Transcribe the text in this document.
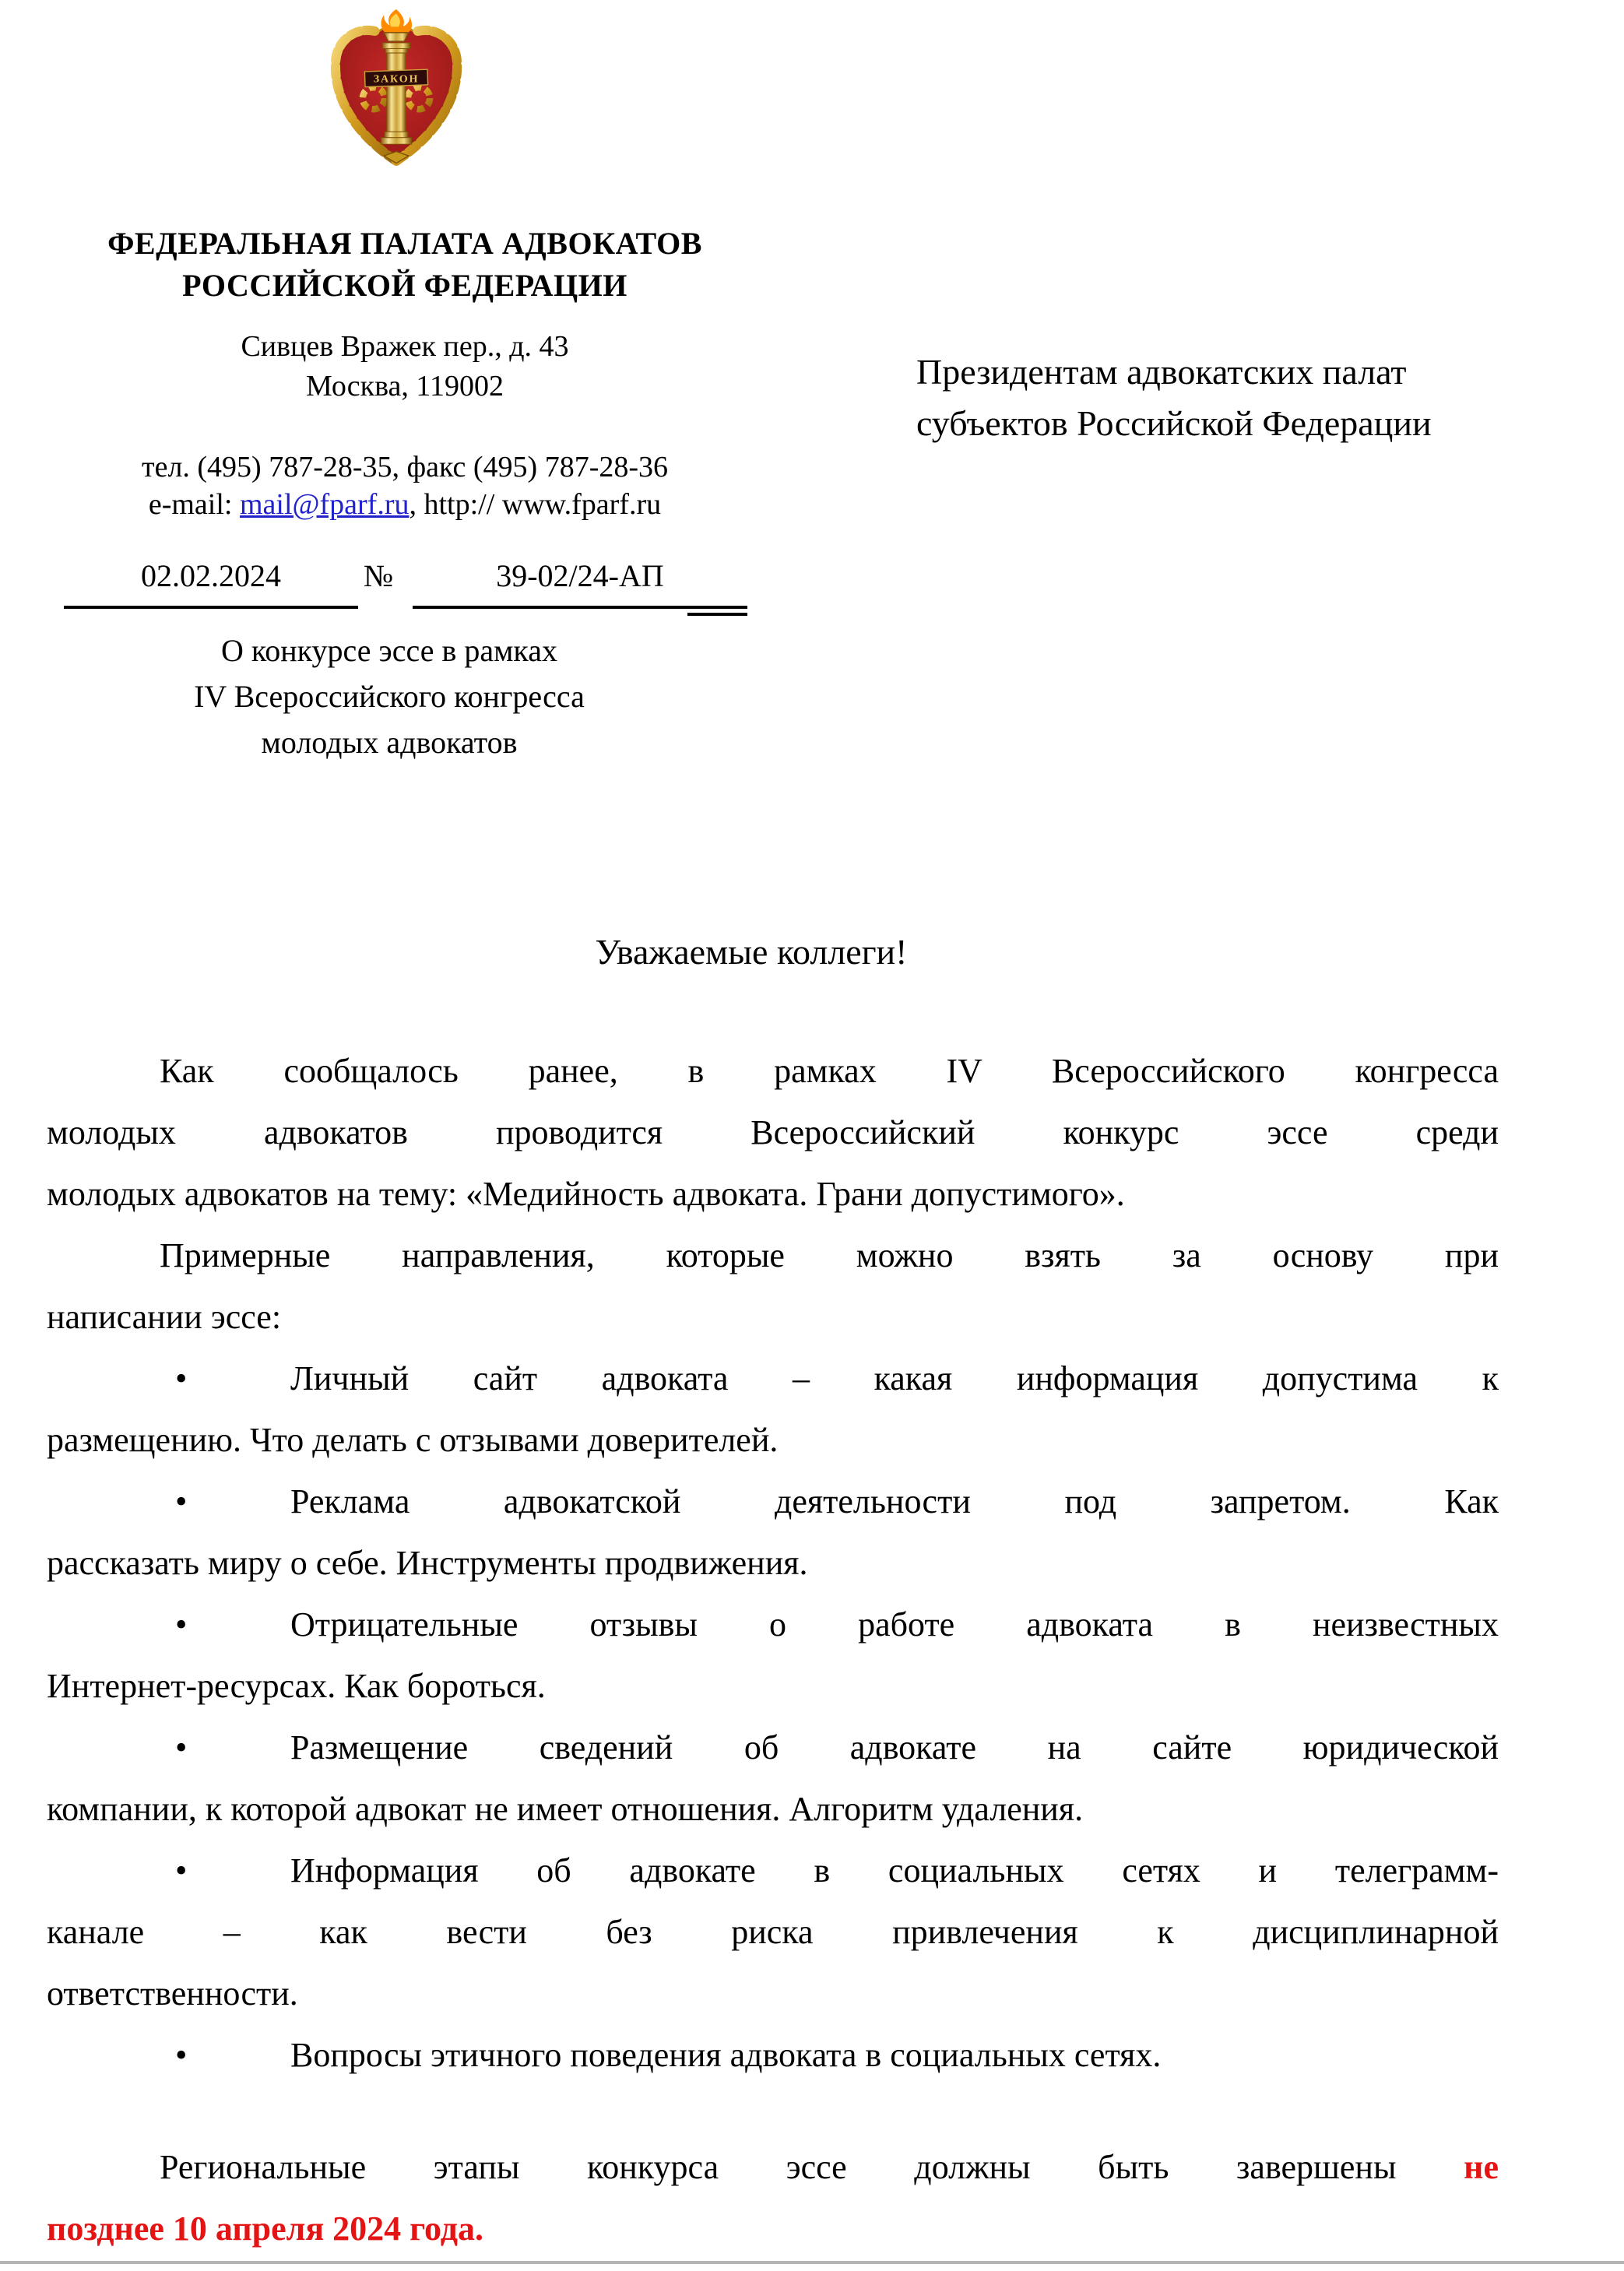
ЗАКОН
ФЕДЕРАЛЬНАЯ ПАЛАТА АДВОКАТОВ
РОССИЙСКОЙ ФЕДЕРАЦИИ
Сивцев Вражек пер., д. 43
Москва, 119002
тел. (495) 787-28-35, факс (495) 787-28-36
e-mail: mail@fparf.ru, http:// www.fparf.ru
02.02.2024	№	39-02/24-АП
О конкурсе эссе в рамках
IV Всероссийского конгресса
молодых адвокатов
Президентам адвокатских палат
субъектов Российской Федерации
Уважаемые коллеги!
Как сообщалось ранее, в рамках IV Всероссийского конгресса
молодых адвокатов проводится Всероссийский конкурс эссе среди
молодых адвокатов на тему: «Медийность адвоката. Грани допустимого».
Примерные направления, которые можно взять за основу при
написании эссе:
•	Личный сайт адвоката – какая информация допустима к
размещению. Что делать с отзывами доверителей.
•	Реклама адвокатской деятельности под запретом. Как
рассказать миру о себе. Инструменты продвижения.
•	Отрицательные отзывы о работе адвоката в неизвестных
Интернет-ресурсах. Как бороться.
•	Размещение сведений об адвокате на сайте юридической
компании, к которой адвокат не имеет отношения. Алгоритм удаления.
•	Информация об адвокате в социальных сетях и телеграмм-
канале – как вести без риска привлечения к дисциплинарной
ответственности.
•	Вопросы этичного поведения адвоката в социальных сетях.
Региональные этапы конкурса эссе должны быть завершены не
позднее 10 апреля 2024 года.
